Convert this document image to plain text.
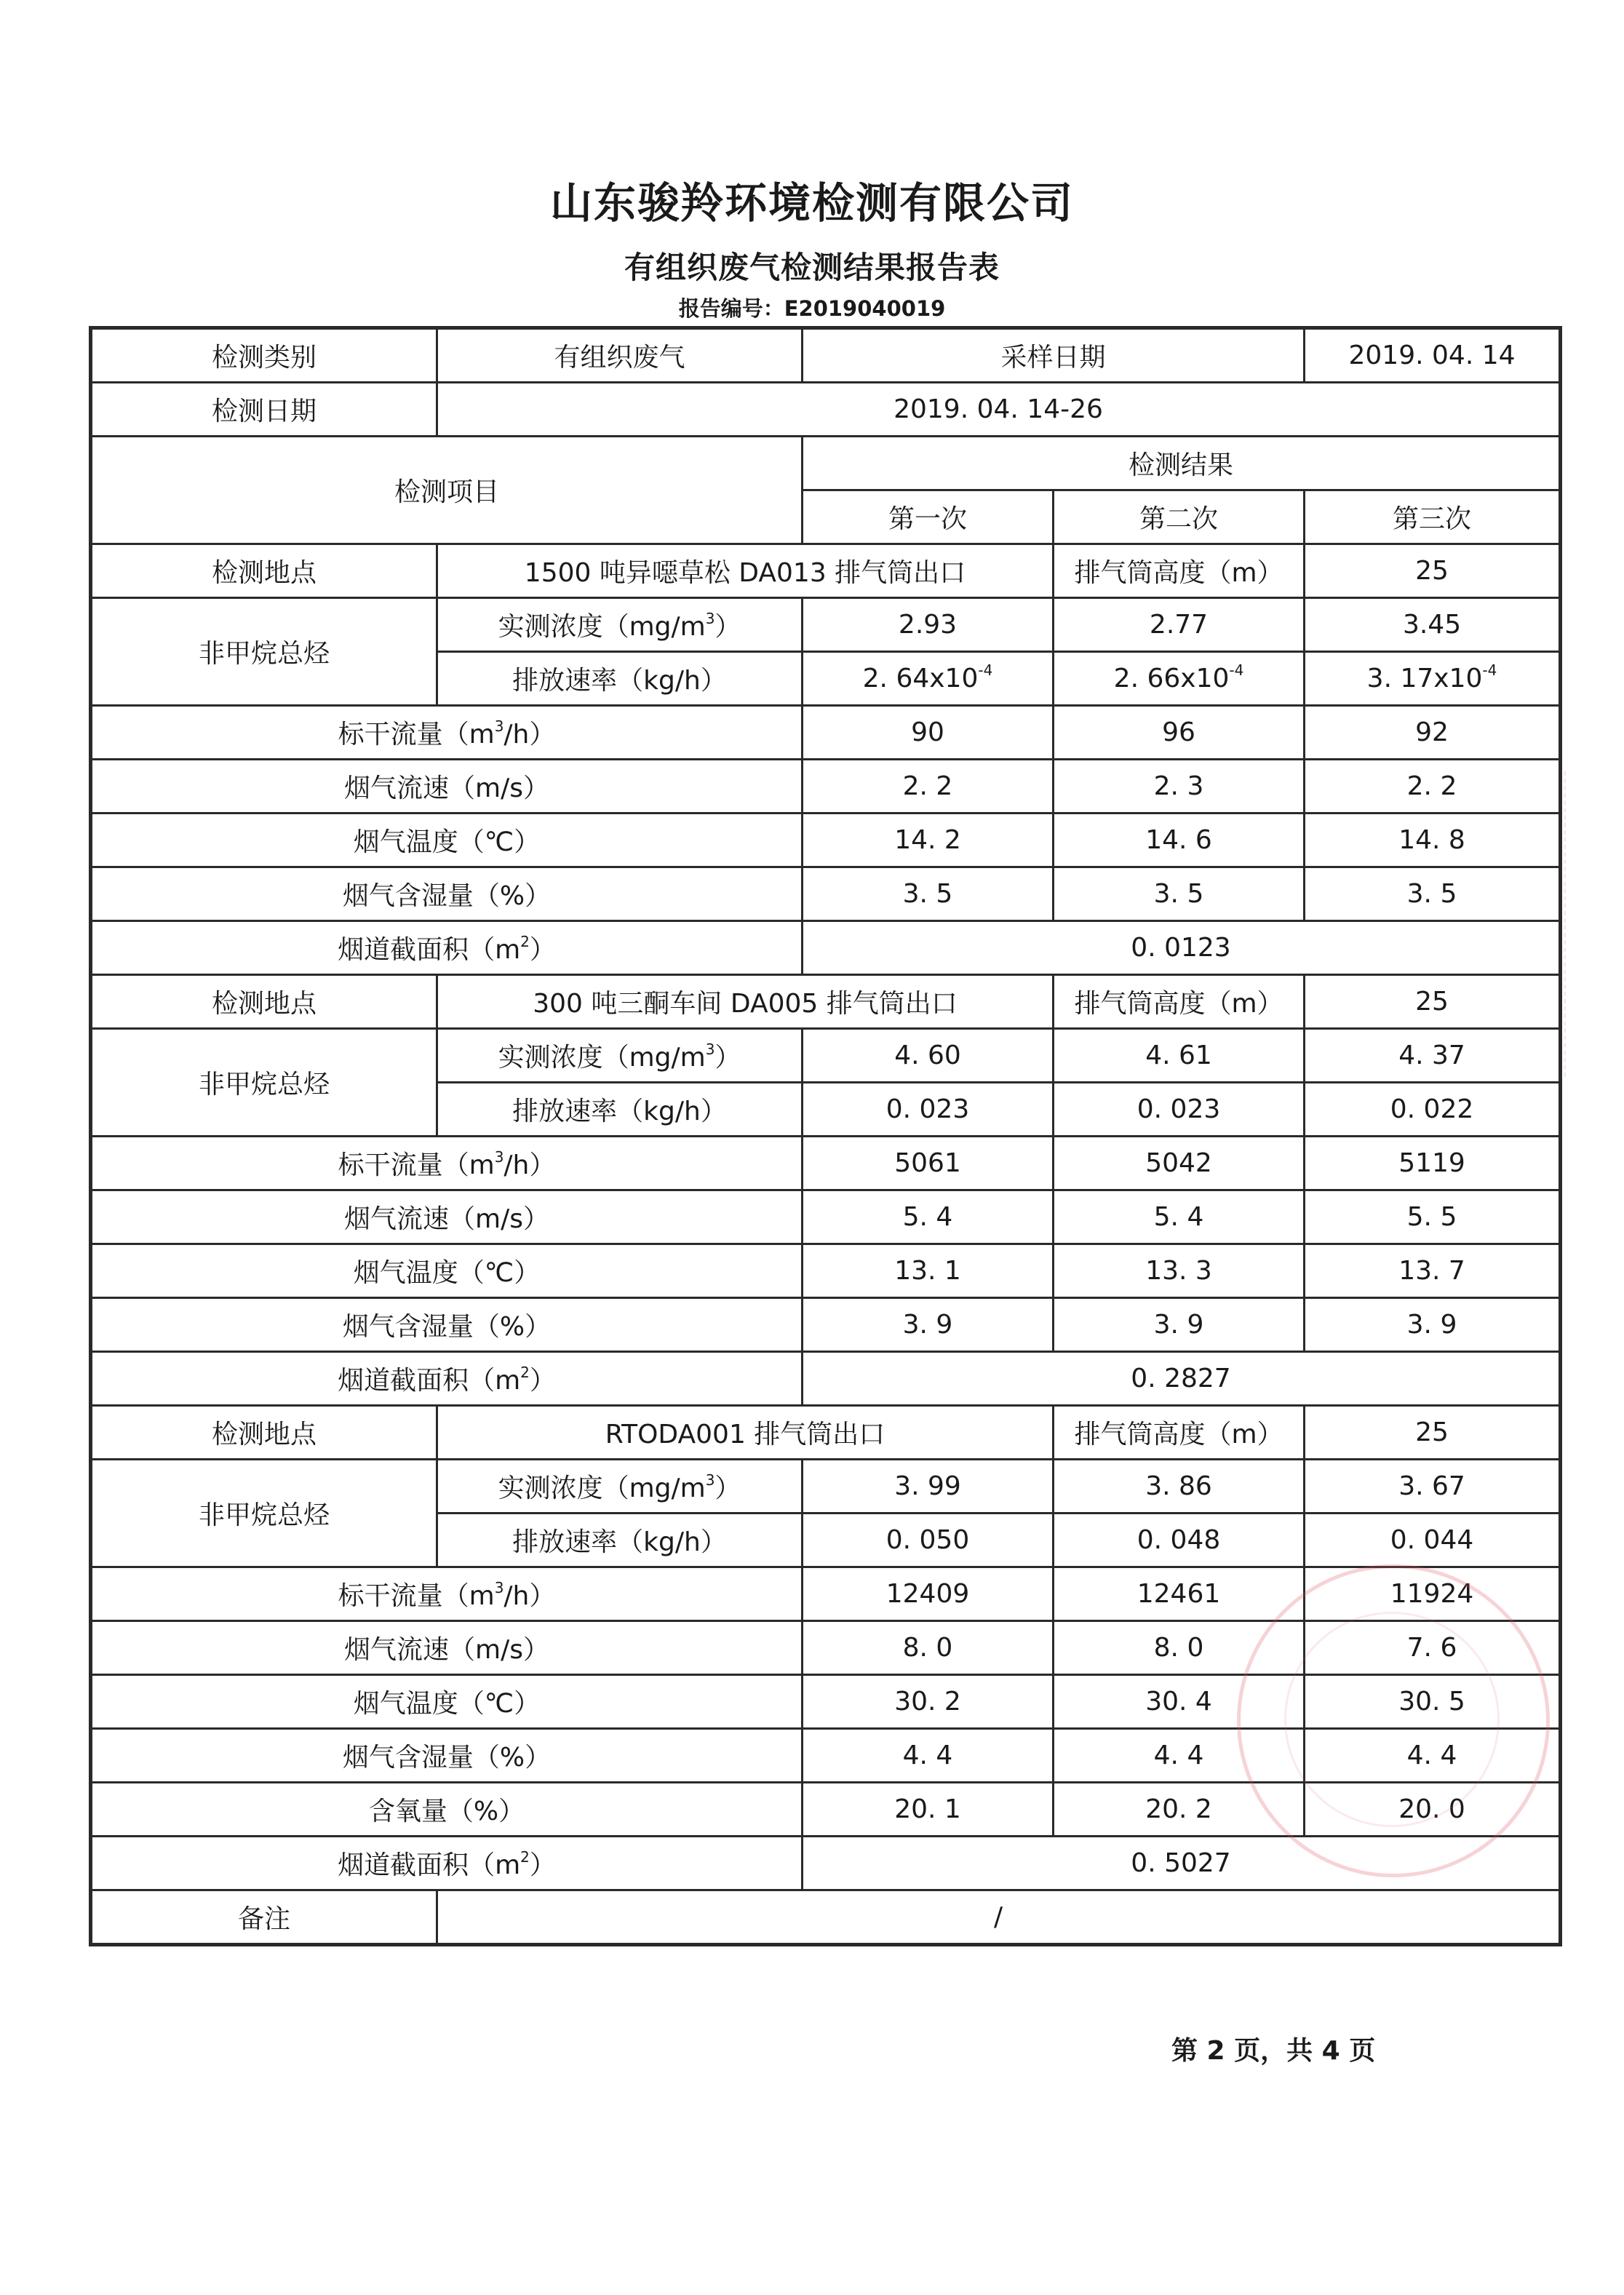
山东骏羚环境检测有限公司
有组织废气检测结果报告表
报告编号：E2019040019
检测类别	有组织废气	采样日期		2019. 04. 14
检测日期	2019. 04. 14-26			
检测项目		检测结果		
		第一次	第二次	第三次
检测地点	1500 吨异噁草松 DA013 排气筒出口		排气筒高度（m）	25
非甲烷总烃	实测浓度$(mg/m^3)$	2.93	2.77	3.45
	排放速率（kg/h）	2. $64x10^{-4}$	2. $66x10^{-4}$	3. $17x10^{-4}$
标干流量$(m^3/h)$		90	96	92
烟气流速（m/s）		2. 2	2. 3	2. 2
烟气温度（℃）		14. 2	14. 6	14. 8
烟气含湿量（%）		3. 5	3. 5	3. 5
烟道截面积$(m^2)$		0. 0123		
检测地点	300 吨三酮车间 DA005 排气筒出口		排气筒高度（m）	25
非甲烷总烃	实测浓度$(mg/m^3)$	4. 60	4. 61	4. 37
	排放速率（kg/h）	0. 023	0. 023	0. 022
标干流量$(m^3/h)$		5061	5042	5119
烟气流速（m/s）		5. 4	5. 4	5. 5
烟气温度（℃）		13. 1	13. 3	13. 7
烟气含湿量（%）		3. 9	3. 9	3. 9
烟道截面积$(m^2)$		0. 2827		
检测地点	RTODA001 排气筒出口		排气筒高度（m）	25
非甲烷总烃	实测浓度$(mg/m^3)$	3. 99	3. 86	3. 67
	排放速率（kg/h）	0. 050	0. 048	0. 044
标干流量$(m^3/h)$		12409	12461	11924
烟气流速（m/s）		8. 0	8. 0	7. 6
烟气温度（℃）		30. 2	30. 4	30. 5
烟气含湿量（%）		4. 4	4. 4	4. 4
含氧量（%）		20. 1	20. 2	20. 0
烟道截面积$(m^2)$		0. 5027		
备注	/			
第 2 页，共 4 页
